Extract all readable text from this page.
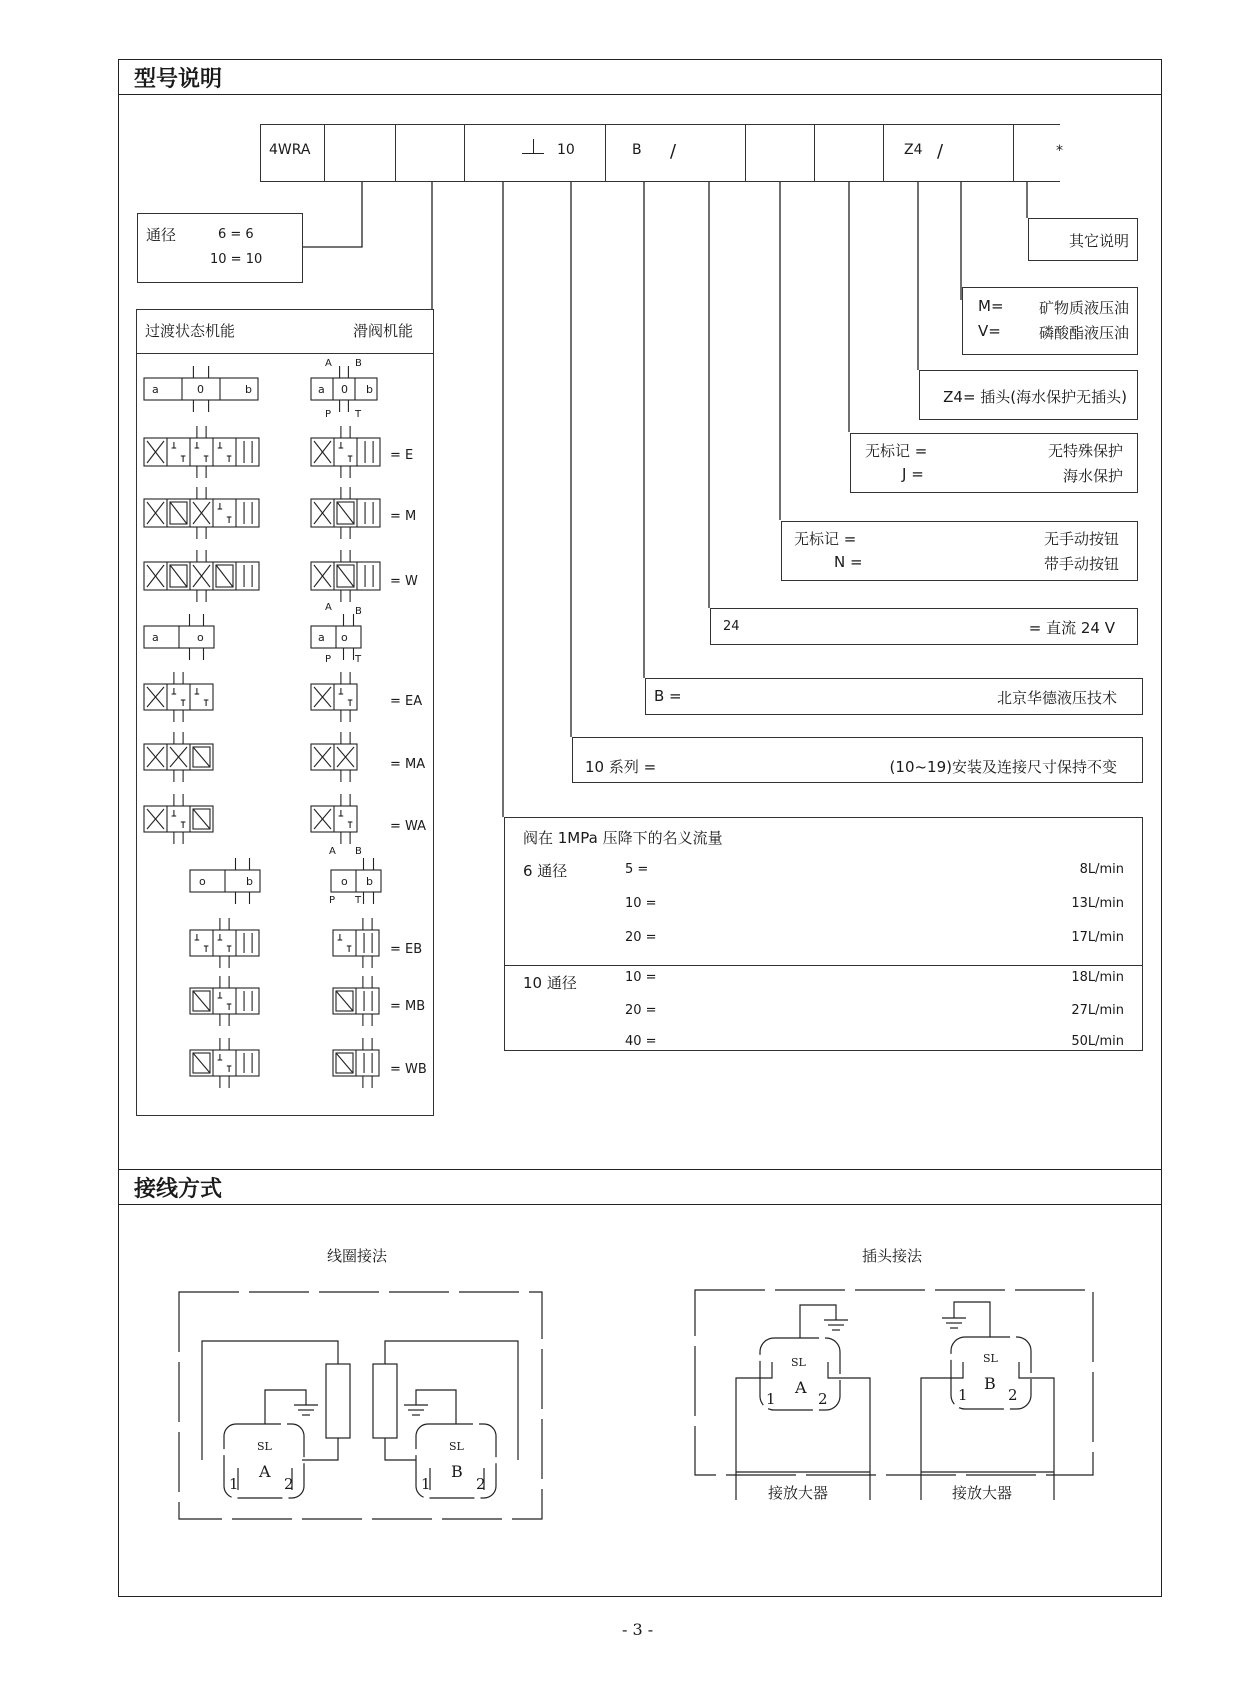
型号说明
接线方式
4WRA	10	B /	Z4 /	*
通径	6 = 6
10 = 10
过渡状态机能	滑阀机能
A B
P T
A B
P T
A B
P T
a	0	b	a 0 b
a	o	a o
o	b	o b
= E
= M
= W
= EA
= MA
= WA
= EB
= MB
= WB
其它说明
M= 矿物质液压油
V=	磷酸酯液压油
Z4= 插头(海水保护无插头)
无标记 =	无特殊保护
J =	海水保护
无标记 =	无手动按钮
N =	带手动按钮
24	= 直流 24 V
B =	北京华德液压技术
10 系列 =	(10~19)安装及连接尺寸保持不变
阀在 1MPa 压降下的名义流量
6 通径	5 =	8L/min
10 =	13L/min
20 =	17L/min
10 通径	10 =	18L/min
20 =	27L/min
40 =	50L/min
线圈接法	插头接法
SL
A
1	2
SL
B
1	2
SL
A
1	2
SL
B
1	2
接放大器	接放大器
- 3 -
